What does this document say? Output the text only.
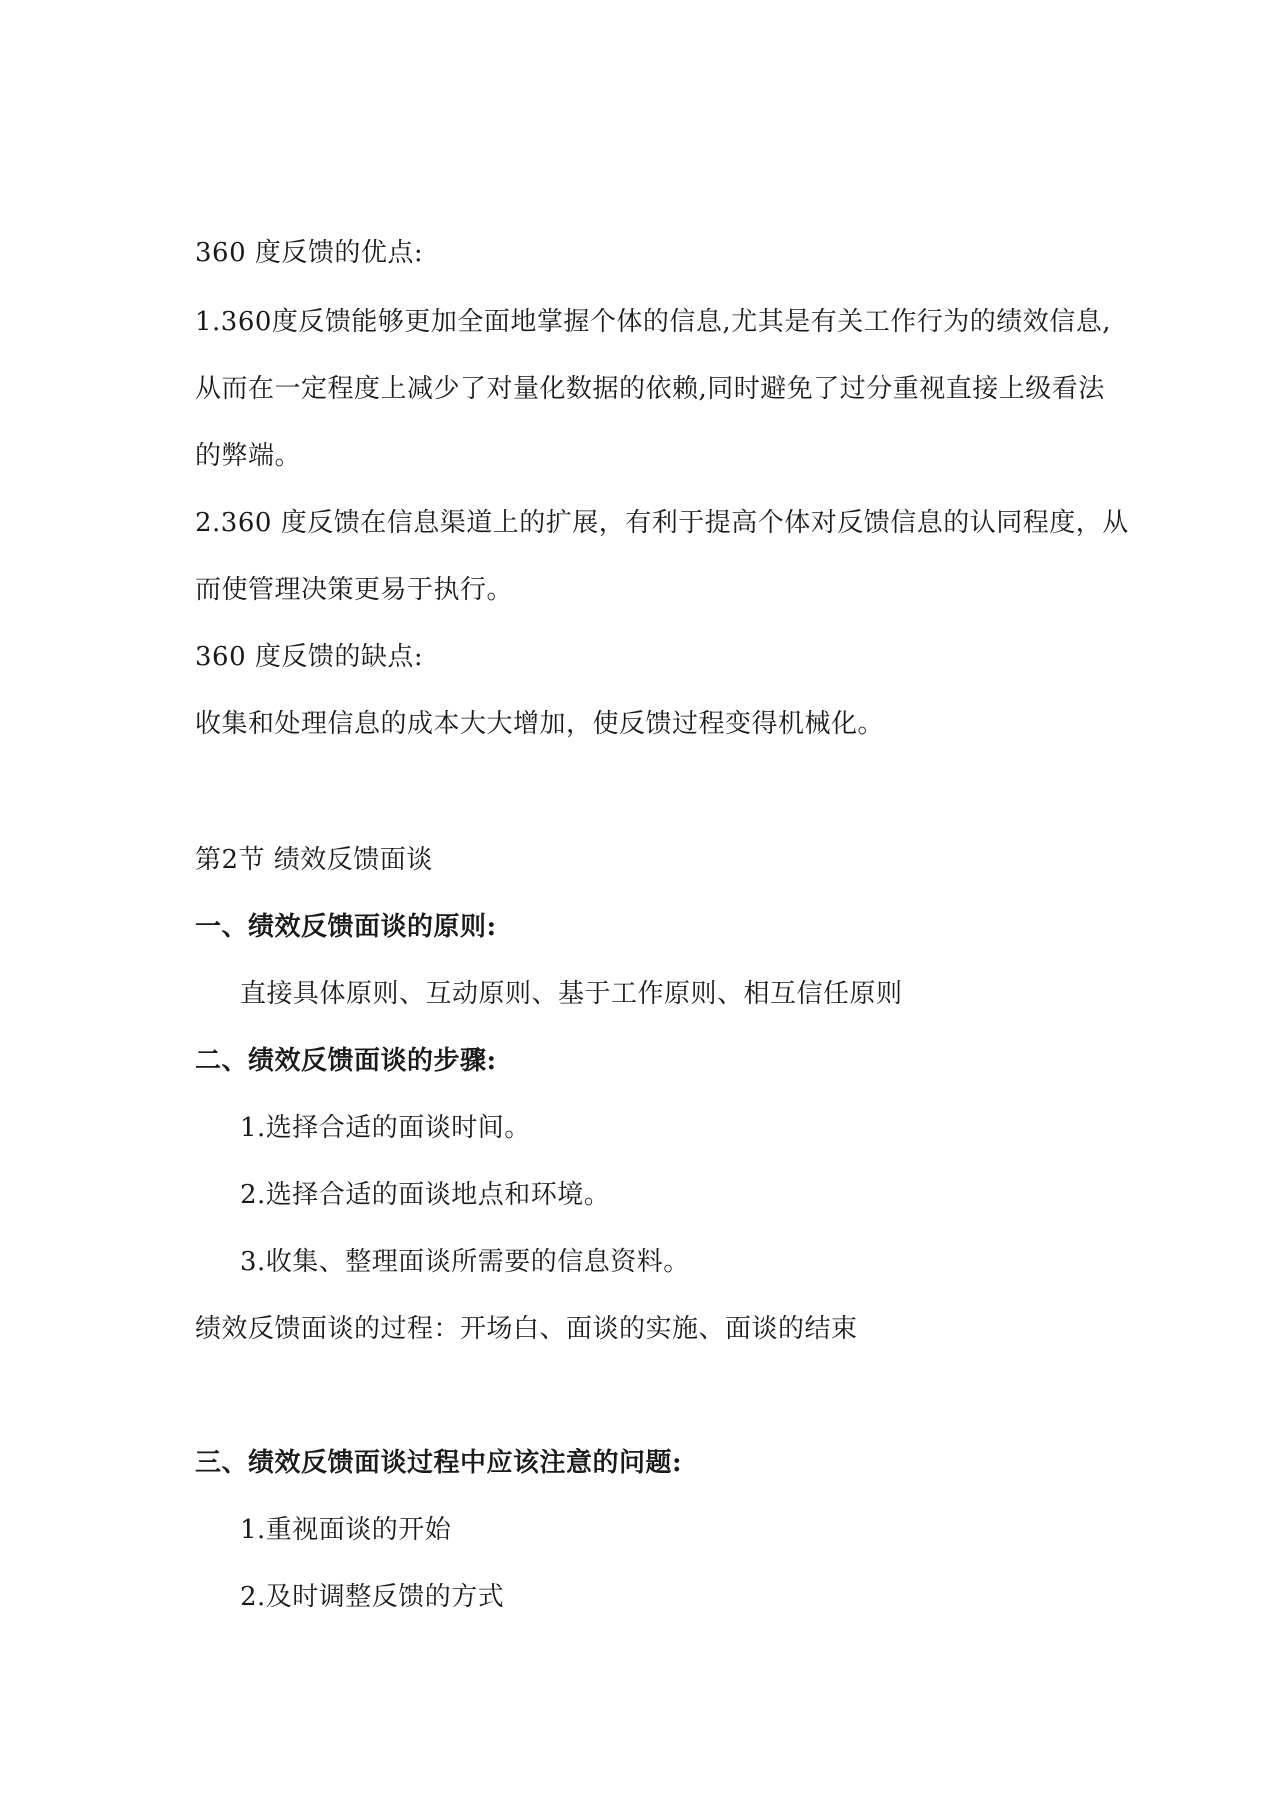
360 度反馈的优点:

1.360度反馈能够更加全面地掌握个体的信息,尤其是有关工作行为的绩效信息,

从而在一定程度上减少了对量化数据的依赖,同时避免了过分重视直接上级看法

的弊端。

2.360 度反馈在信息渠道上的扩展，有利于提高个体对反馈信息的认同程度，从

而使管理决策更易于执行。

360 度反馈的缺点:

收集和处理信息的成本大大增加，使反馈过程变得机械化。

第2节 绩效反馈面谈

一、绩效反馈面谈的原则:

直接具体原则、互动原则、基于工作原则、相互信任原则

二、绩效反馈面谈的步骤:

1.选择合适的面谈时间。

2.选择合适的面谈地点和环境。

3.收集、整理面谈所需要的信息资料。

绩效反馈面谈的过程：开场白、面谈的实施、面谈的结束

三、绩效反馈面谈过程中应该注意的问题:

1.重视面谈的开始

2.及时调整反馈的方式
